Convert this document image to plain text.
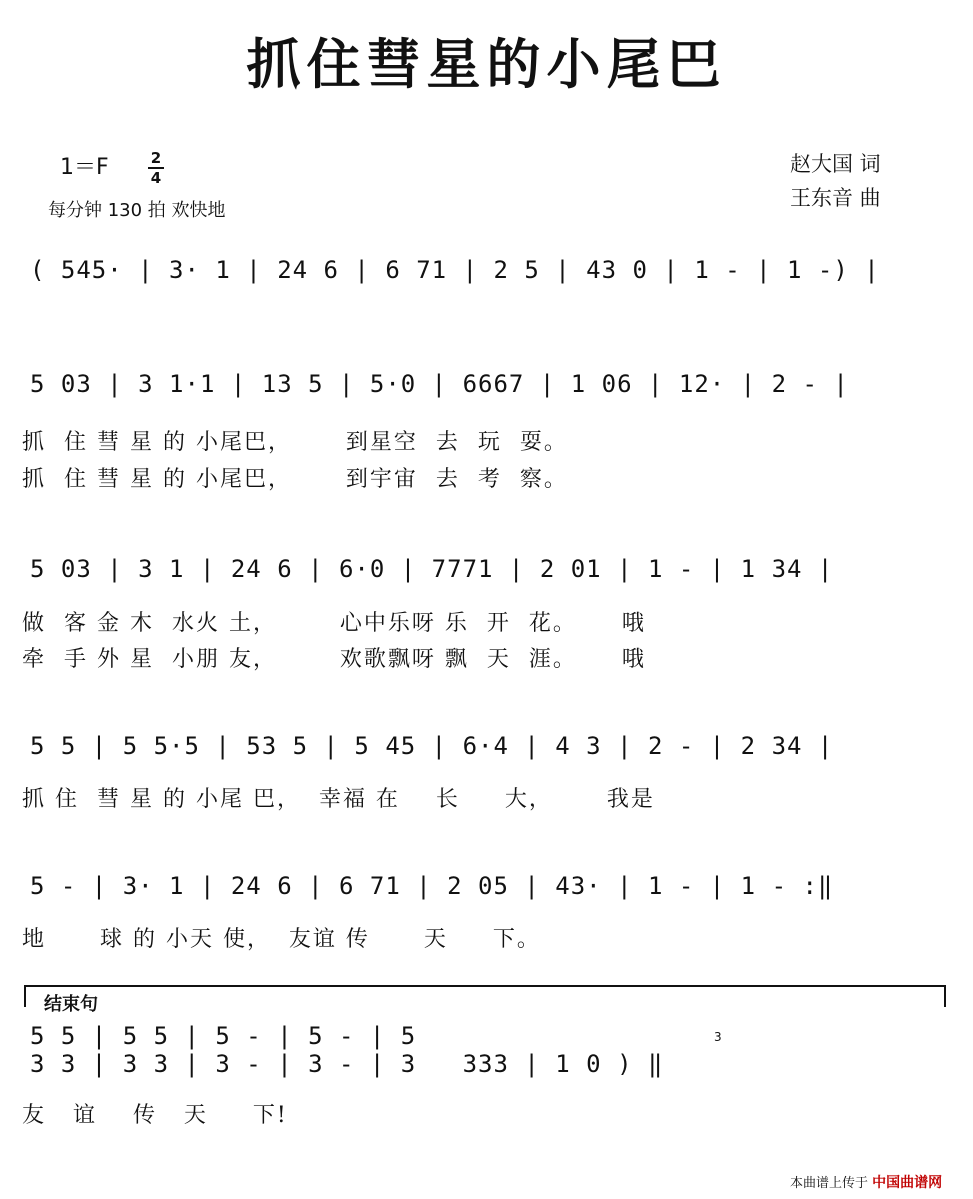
抓住彗星的小尾巴
1＝F	2
4
每分钟 130 拍 欢快地
赵大国 词
王东音 曲
( 545· | 3· 1 | 24 6 | 6 71 | 2 5 | 43 0 | 1 - | 1 -) |
5 03 | 3 1·1 | 13 5 | 5·0 | 6667 | 1 06 | 12· | 2 - |
抓  住 彗 星 的 小尾巴，      到星空  去  玩  耍。
抓  住 彗 星 的 小尾巴，      到宇宙  去  考  察。
5 03 | 3 1 | 24 6 | 6·0 | 7771 | 2 01 | 1 - | 1 34 |
做  客 金 木  水火 土，       心中乐呀 乐  开  花。     哦
牵  手 外 星  小朋 友，       欢歌飘呀 飘  天  涯。     哦
5 5 | 5 5·5 | 53 5 | 5 45 | 6·4 | 4 3 | 2 - | 2 34 |
抓 住  彗 星 的 小尾 巴，  幸福 在    长     大，      我是
5 - | 3· 1 | 24 6 | 6 71 | 2 05 | 43· | 1 - | 1 - :‖
地      球 的 小天 使，  友谊 传      天     下。
结束句
5 5 | 5 5 | 5 - | 5 - | 5	3
3 3 | 3 3 | 3 - | 3 - | 3   333 | 1 0 ) ‖
友   谊    传   天     下!
本曲谱上传于 中国曲谱网
